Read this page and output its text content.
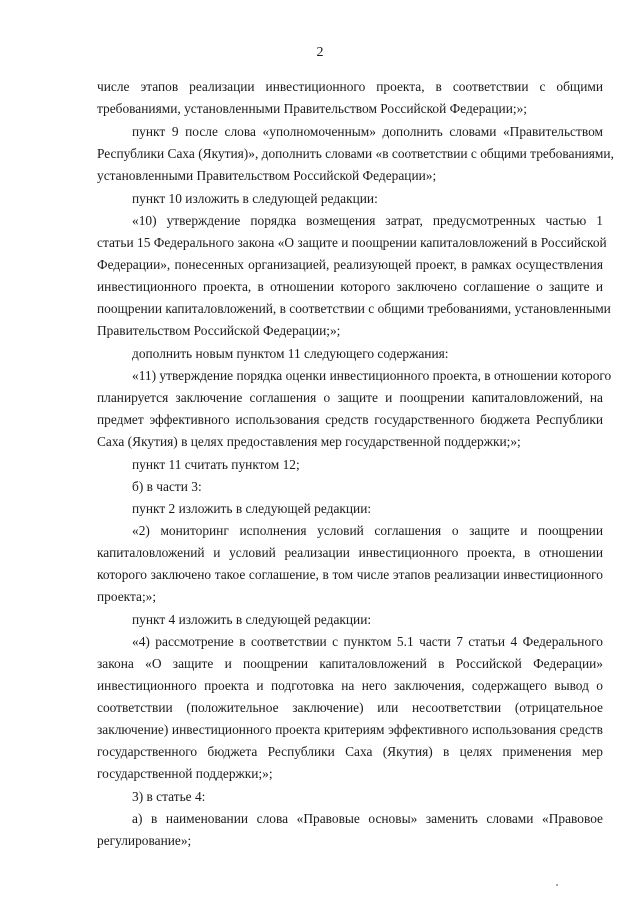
2
числе этапов реализации инвестиционного проекта, в соответствии с общими
требованиями, установленными Правительством Российской Федерации;»;
пункт 9 после слова «уполномоченным» дополнить словами «Правительством
Республики Саха (Якутия)», дополнить словами «в соответствии с общими требованиями,
установленными Правительством Российской Федерации»;
пункт 10 изложить в следующей редакции:
«10) утверждение порядка возмещения затрат, предусмотренных частью 1
статьи 15 Федерального закона «О защите и поощрении капиталовложений в Российской
Федерации», понесенных организацией, реализующей проект, в рамках осуществления
инвестиционного проекта, в отношении которого заключено соглашение о защите и
поощрении капиталовложений, в соответствии с общими требованиями, установленными
Правительством Российской Федерации;»;
дополнить новым пунктом 11 следующего содержания:
«11) утверждение порядка оценки инвестиционного проекта, в отношении которого
планируется заключение соглашения о защите и поощрении капиталовложений, на
предмет эффективного использования средств государственного бюджета Республики
Саха (Якутия) в целях предоставления мер государственной поддержки;»;
пункт 11 считать пунктом 12;
б) в части 3:
пункт 2 изложить в следующей редакции:
«2) мониторинг исполнения условий соглашения о защите и поощрении
капиталовложений и условий реализации инвестиционного проекта, в отношении
которого заключено такое соглашение, в том числе этапов реализации инвестиционного
проекта;»;
пункт 4 изложить в следующей редакции:
«4) рассмотрение в соответствии с пунктом 5.1 части 7 статьи 4 Федерального
закона «О защите и поощрении капиталовложений в Российской Федерации»
инвестиционного проекта и подготовка на него заключения, содержащего вывод о
соответствии (положительное заключение) или несоответствии (отрицательное
заключение) инвестиционного проекта критериям эффективного использования средств
государственного бюджета Республики Саха (Якутия) в целях применения мер
государственной поддержки;»;
3) в статье 4:
а) в наименовании слова «Правовые основы» заменить словами «Правовое
регулирование»;
